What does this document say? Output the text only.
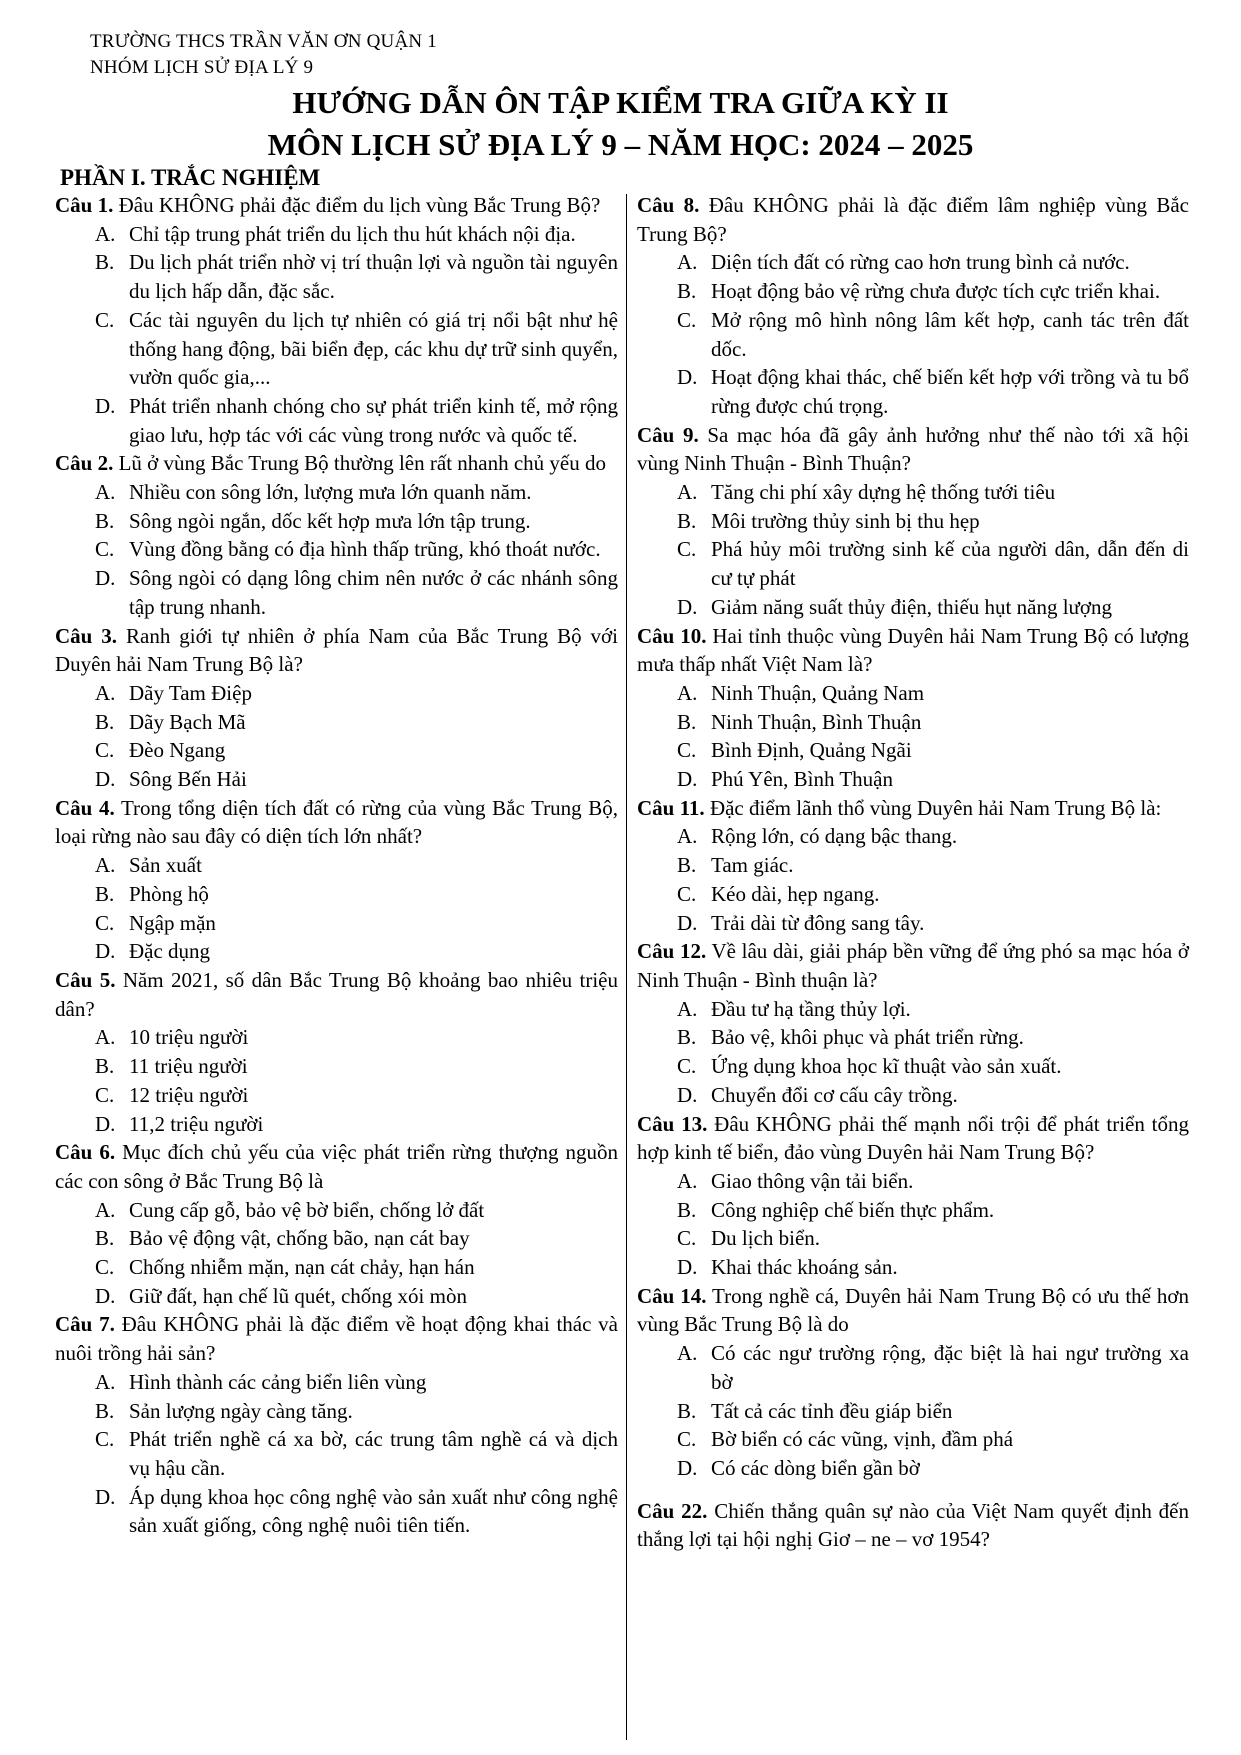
TRƯỜNG THCS TRẦN VĂN ƠN QUẬN 1
NHÓM LỊCH SỬ ĐỊA LÝ 9
HƯỚNG DẪN ÔN TẬP KIỂM TRA GIỮA KỲ II
MÔN LỊCH SỬ ĐỊA LÝ 9 – NĂM HỌC: 2024 – 2025
PHẦN I. TRẮC NGHIỆM

Câu 1. Đâu KHÔNG phải đặc điểm du lịch vùng Bắc Trung Bộ?

A. Chỉ tập trung phát triển du lịch thu hút khách nội địa.
B. Du lịch phát triển nhờ vị trí thuận lợi và nguồn tài nguyên du lịch hấp dẫn, đặc sắc.
C. Các tài nguyên du lịch tự nhiên có giá trị nổi bật như hệ thống hang động, bãi biển đẹp, các khu dự trữ sinh quyển, vườn quốc gia,...
D. Phát triển nhanh chóng cho sự phát triển kinh tế, mở rộng giao lưu, hợp tác với các vùng trong nước và quốc tế.

Câu 2. Lũ ở vùng Bắc Trung Bộ thường lên rất nhanh chủ yếu do

A. Nhiều con sông lớn, lượng mưa lớn quanh năm.
B. Sông ngòi ngắn, dốc kết hợp mưa lớn tập trung.
C. Vùng đồng bằng có địa hình thấp trũng, khó thoát nước.
D. Sông ngòi có dạng lông chim nên nước ở các nhánh sông tập trung nhanh.

Câu 3. Ranh giới tự nhiên ở phía Nam của Bắc Trung Bộ với Duyên hải Nam Trung Bộ là?

A. Dãy Tam Điệp
B. Dãy Bạch Mã
C. Đèo Ngang
D. Sông Bến Hải

Câu 4. Trong tổng diện tích đất có rừng của vùng Bắc Trung Bộ, loại rừng nào sau đây có diện tích lớn nhất?

A. Sản xuất
B. Phòng hộ
C. Ngập mặn
D. Đặc dụng

Câu 5. Năm 2021, số dân Bắc Trung Bộ khoảng bao nhiêu triệu dân?

A. 10 triệu người
B. 11 triệu người
C. 12 triệu người
D. 11,2 triệu người

Câu 6. Mục đích chủ yếu của việc phát triển rừng thượng nguồn các con sông ở Bắc Trung Bộ là

A. Cung cấp gỗ, bảo vệ bờ biển, chống lở đất
B. Bảo vệ động vật, chống bão, nạn cát bay
C. Chống nhiễm mặn, nạn cát chảy, hạn hán
D. Giữ đất, hạn chế lũ quét, chống xói mòn

Câu 7. Đâu KHÔNG phải là đặc điểm về hoạt động khai thác và nuôi trồng hải sản?

A. Hình thành các cảng biển liên vùng
B. Sản lượng ngày càng tăng.
C. Phát triển nghề cá xa bờ, các trung tâm nghề cá và dịch vụ hậu cần.
D. Áp dụng khoa học công nghệ vào sản xuất như công nghệ sản xuất giống, công nghệ nuôi tiên tiến.

Câu 8. Đâu KHÔNG phải là đặc điểm lâm nghiệp vùng Bắc Trung Bộ?

A. Diện tích đất có rừng cao hơn trung bình cả nước.
B. Hoạt động bảo vệ rừng chưa được tích cực triển khai.
C. Mở rộng mô hình nông lâm kết hợp, canh tác trên đất dốc.
D. Hoạt động khai thác, chế biến kết hợp với trồng và tu bổ rừng được chú trọng.

Câu 9. Sa mạc hóa đã gây ảnh hưởng như thế nào tới xã hội vùng Ninh Thuận - Bình Thuận?

A. Tăng chi phí xây dựng hệ thống tưới tiêu
B. Môi trường thủy sinh bị thu hẹp
C. Phá hủy môi trường sinh kế của người dân, dẫn đến di cư tự phát
D. Giảm năng suất thủy điện, thiếu hụt năng lượng

Câu 10. Hai tỉnh thuộc vùng Duyên hải Nam Trung Bộ có lượng mưa thấp nhất Việt Nam là?

A. Ninh Thuận, Quảng Nam
B. Ninh Thuận, Bình Thuận
C. Bình Định, Quảng Ngãi
D. Phú Yên, Bình Thuận

Câu 11. Đặc điểm lãnh thổ vùng Duyên hải Nam Trung Bộ là:

A. Rộng lớn, có dạng bậc thang.
B. Tam giác.
C. Kéo dài, hẹp ngang.
D. Trải dài từ đông sang tây.

Câu 12. Về lâu dài, giải pháp bền vững để ứng phó sa mạc hóa ở Ninh Thuận - Bình thuận là?

A. Đầu tư hạ tầng thủy lợi.
B. Bảo vệ, khôi phục và phát triển rừng.
C. Ứng dụng khoa học kĩ thuật vào sản xuất.
D. Chuyển đổi cơ cấu cây trồng.

Câu 13. Đâu KHÔNG phải thế mạnh nổi trội để phát triển tổng hợp kinh tế biển, đảo vùng Duyên hải Nam Trung Bộ?

A. Giao thông vận tải biển.
B. Công nghiệp chế biến thực phẩm.
C. Du lịch biển.
D. Khai thác khoáng sản.

Câu 14. Trong nghề cá, Duyên hải Nam Trung Bộ có ưu thế hơn vùng Bắc Trung Bộ là do

A. Có các ngư trường rộng, đặc biệt là hai ngư trường xa bờ
B. Tất cả các tỉnh đều giáp biển
C. Bờ biển có các vũng, vịnh, đầm phá
D. Có các dòng biển gần bờ

Câu 22. Chiến thắng quân sự nào của Việt Nam quyết định đến thắng lợi tại hội nghị Giơ – ne – vơ 1954?
